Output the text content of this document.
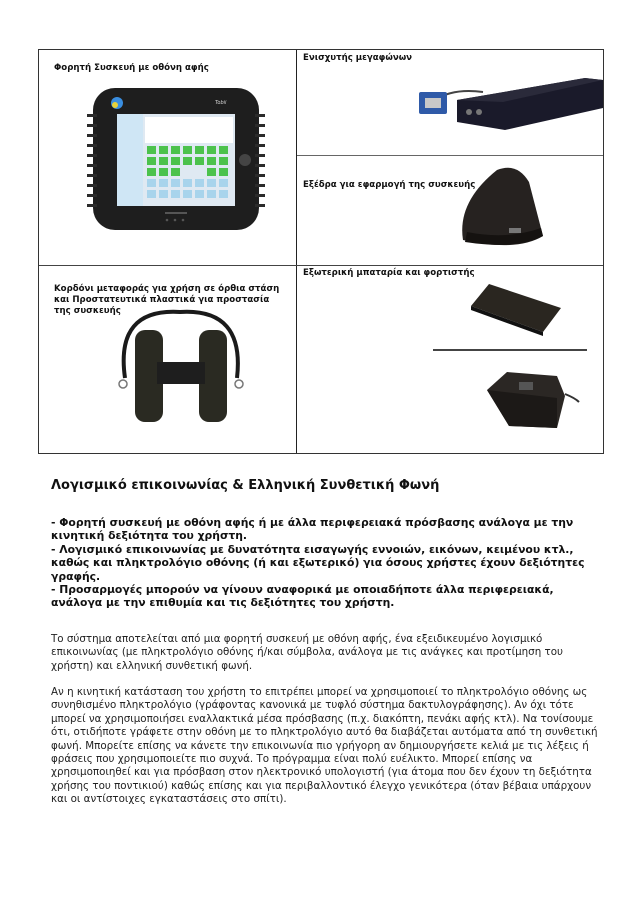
Φορητή Συσκευή με οθόνη αφής
Tobii
Ενισχυτής μεγαφώνων
Εξέδρα για εφαρμογή της συσκευής
Κορδόνι μεταφοράς για χρήση σε όρθια στάση και Προστατευτικά πλαστικά για προστασία της συσκευής
Εξωτερική μπαταρία και φορτιστής
Λογισμικό επικοινωνίας & Ελληνική Συνθετική Φωνή

- Φορητή συσκευή με οθόνη αφής ή με άλλα περιφερειακά πρόσβασης ανάλογα με την κινητική δεξιότητα του χρήστη.

- Λογισμικό επικοινωνίας με δυνατότητα εισαγωγής εννοιών, εικόνων, κειμένου κτλ., καθώς και πληκτρολόγιο οθόνης (ή και εξωτερικό) για όσους χρήστες έχουν δεξιότητες γραφής.

- Προσαρμογές μπορούν να γίνουν αναφορικά με οποιαδήποτε άλλα περιφερειακά, ανάλογα με την επιθυμία και τις δεξιότητες του χρήστη.

Το σύστημα αποτελείται από μια φορητή συσκευή με οθόνη αφής, ένα εξειδικευμένο λογισμικό επικοινωνίας (με πληκτρολόγιο οθόνης ή/και σύμβολα, ανάλογα με τις ανάγκες και προτίμηση του χρήστη) και ελληνική συνθετική φωνή.

Αν η κινητική κατάσταση του χρήστη το επιτρέπει μπορεί να χρησιμοποιεί το πληκτρολόγιο οθόνης ως συνηθισμένο πληκτρολόγιο (γράφοντας κανονικά με τυφλό σύστημα δακτυλογράφησης). Αν όχι τότε μπορεί να χρησιμοποιήσει εναλλακτικά μέσα πρόσβασης (π.χ. διακόπτη, πενάκι αφής κτλ). Να τονίσουμε ότι, οτιδήποτε γράφετε στην οθόνη με το πληκτρολόγιο αυτό θα διαβάζεται αυτόματα από τη συνθετική φωνή. Μπορείτε επίσης να κάνετε την επικοινωνία πιο γρήγορη αν δημιουργήσετε κελιά με τις λέξεις ή φράσεις που χρησιμοποιείτε πιο συχνά. Το πρόγραμμα είναι πολύ ευέλικτο. Μπορεί επίσης να χρησιμοποιηθεί και για πρόσβαση στον ηλεκτρονικό υπολογιστή (για άτομα που δεν έχουν τη δεξιότητα χρήσης του ποντικιού) καθώς επίσης και για περιβαλλοντικό έλεγχο γενικότερα (όταν βέβαια υπάρχουν και οι αντίστοιχες εγκαταστάσεις στο σπίτι).
